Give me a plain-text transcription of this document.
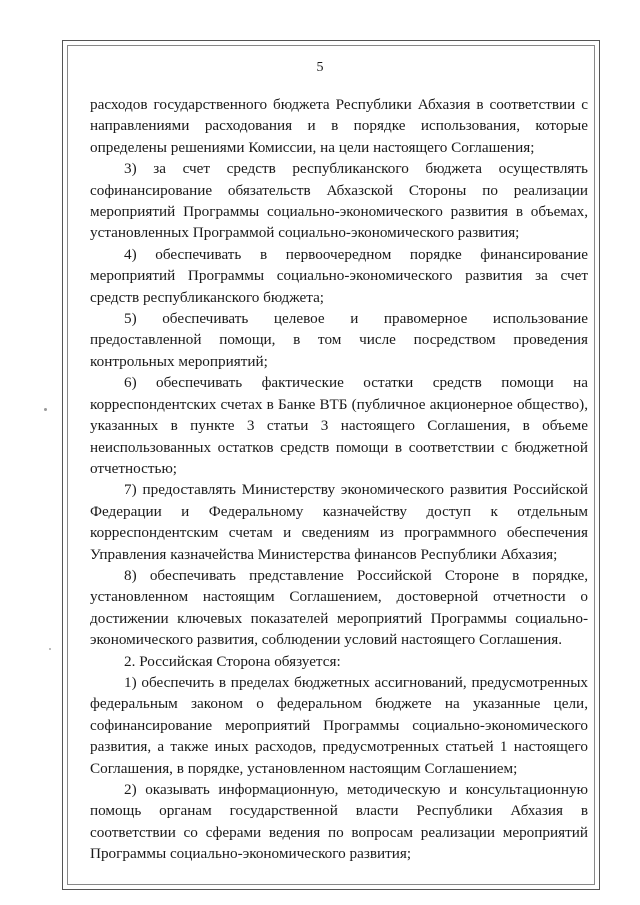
5

расходов государственного бюджета Республики Абхазия в соответствии с направлениями расходования и в порядке использования, которые определены решениями Комиссии, на цели настоящего Соглашения;

3) за счет средств республиканского бюджета осуществлять софинансирование обязательств Абхазской Стороны по реализации мероприятий Программы социально-экономического развития в объемах, установленных Программой социально-экономического развития;

4) обеспечивать в первоочередном порядке финансирование мероприятий Программы социально-экономического развития за счет средств республиканского бюджета;

5) обеспечивать целевое и правомерное использование предоставленной помощи, в том числе посредством проведения контрольных мероприятий;

6) обеспечивать фактические остатки средств помощи на корреспондентских счетах в Банке ВТБ (публичное акционерное общество), указанных в пункте 3 статьи 3 настоящего Соглашения, в объеме неиспользованных остатков средств помощи в соответствии с бюджетной отчетностью;

7) предоставлять Министерству экономического развития Российской Федерации и Федеральному казначейству доступ к отдельным корреспондентским счетам и сведениям из программного обеспечения Управления казначейства Министерства финансов Республики Абхазия;

8) обеспечивать представление Российской Стороне в порядке, установленном настоящим Соглашением, достоверной отчетности о достижении ключевых показателей мероприятий Программы социально-экономического развития, соблюдении условий настоящего Соглашения.

2. Российская Сторона обязуется:

1) обеспечить в пределах бюджетных ассигнований, предусмотренных федеральным законом о федеральном бюджете на указанные цели, софинансирование мероприятий Программы социально-экономического развития, а также иных расходов, предусмотренных статьей 1 настоящего Соглашения, в порядке, установленном настоящим Соглашением;

2) оказывать информационную, методическую и консультационную помощь органам государственной власти Республики Абхазия в соответствии со сферами ведения по вопросам реализации мероприятий Программы социально-экономического развития;
